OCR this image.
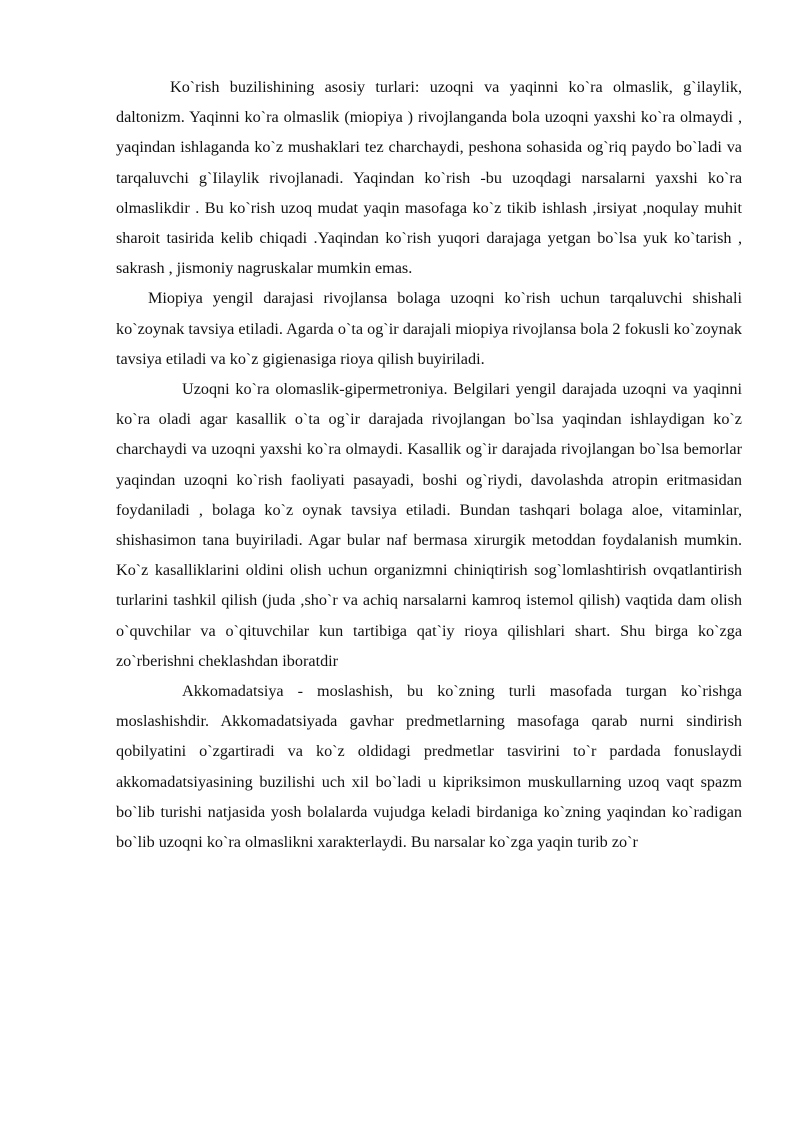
Ko`rish buzilishining asosiy turlari: uzoqni va yaqinni ko`ra olmaslik, g`ilaylik, daltonizm. Yaqinni ko`ra olmaslik (miopiya ) rivojlanganda bola uzoqni yaxshi ko`ra olmaydi , yaqindan ishlaganda ko`z mushaklari tez charchaydi, peshona sohasida og`riq paydo bo`ladi va tarqaluvchi g`Iilaylik rivojlanadi. Yaqindan ko`rish -bu uzoqdagi narsalarni yaxshi ko`ra olmaslikdir . Bu ko`rish uzoq mudat yaqin masofaga ko`z tikib ishlash ,irsiyat ,noqulay muhit sharoit tasirida kelib chiqadi .Yaqindan ko`rish yuqori darajaga yetgan bo`lsa yuk ko`tarish , sakrash , jismoniy nagruskalar mumkin emas.

Miopiya yengil darajasi rivojlansa bolaga uzoqni ko`rish uchun tarqaluvchi shishali ko`zoynak tavsiya etiladi. Agarda o`ta og`ir darajali miopiya rivojlansa bola 2 fokusli ko`zoynak tavsiya etiladi va ko`z gigienasiga rioya qilish buyiriladi.

Uzoqni ko`ra olomaslik-gipermetroniya. Belgilari yengil darajada uzoqni va yaqinni ko`ra oladi agar kasallik o`ta og`ir darajada rivojlangan bo`lsa yaqindan ishlaydigan ko`z charchaydi va uzoqni yaxshi ko`ra olmaydi. Kasallik og`ir darajada rivojlangan bo`lsa bemorlar yaqindan uzoqni ko`rish faoliyati pasayadi, boshi og`riydi, davolashda atropin eritmasidan foydaniladi , bolaga ko`z oynak tavsiya etiladi. Bundan tashqari bolaga aloe, vitaminlar, shishasimon tana buyiriladi. Agar bular naf bermasa xirurgik metoddan foydalanish mumkin. Ko`z kasalliklarini oldini olish uchun organizmni chiniqtirish sog`lomlashtirish ovqatlantirish turlarini tashkil qilish (juda ,sho`r va achiq narsalarni kamroq istemol qilish) vaqtida dam olish o`quvchilar va o`qituvchilar kun tartibiga qat`iy rioya qilishlari shart. Shu birga ko`zga zo`rberishni cheklashdan iboratdir

Akkomadatsiya - moslashish, bu ko`zning turli masofada turgan ko`rishga moslashishdir. Akkomadatsiyada gavhar predmetlarning masofaga qarab nurni sindirish qobilyatini o`zgartiradi va ko`z oldidagi predmetlar tasvirini to`r pardada fonuslaydi akkomadatsiyasining buzilishi uch xil bo`ladi u kipriksimon muskullarning uzoq vaqt spazm bo`lib turishi natjasida yosh bolalarda vujudga keladi birdaniga ko`zning yaqindan ko`radigan bo`lib uzoqni ko`ra olmaslikni xarakterlaydi. Bu narsalar ko`zga yaqin turib zo`r
